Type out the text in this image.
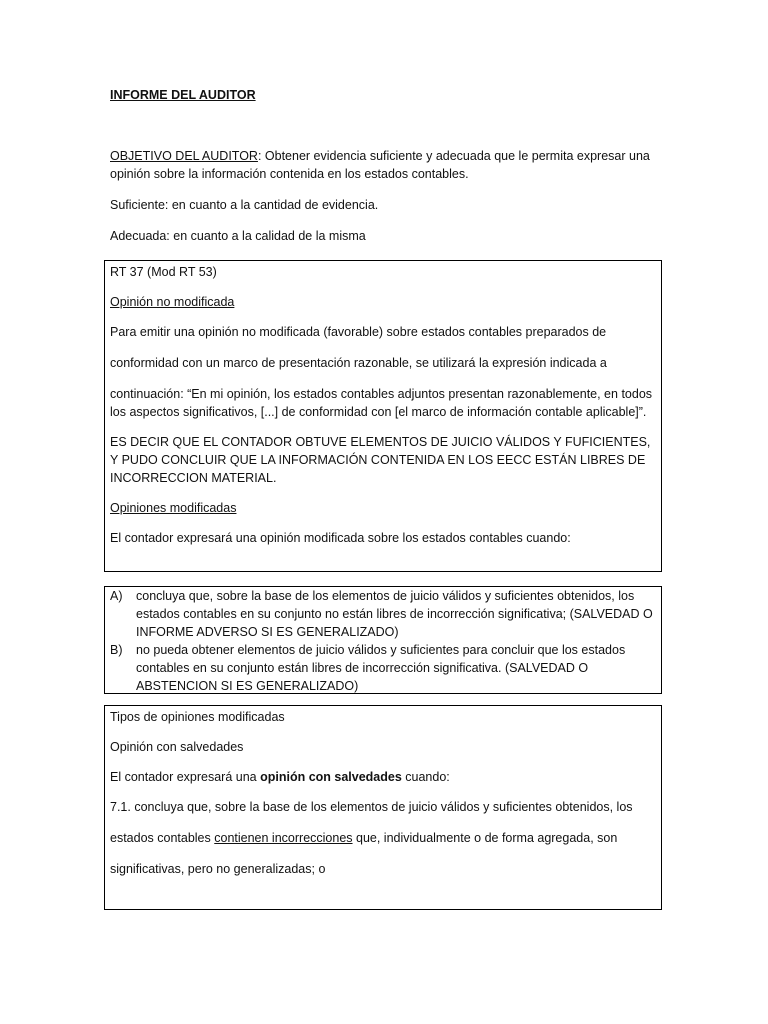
INFORME DEL AUDITOR

OBJETIVO DEL AUDITOR: Obtener evidencia suficiente y adecuada que le permita expresar una opinión sobre la información contenida en los estados contables.

Suficiente: en cuanto a la cantidad de evidencia.

Adecuada: en cuanto a la calidad de la misma

RT 37 (Mod RT 53)

Opinión no modificada

Para emitir una opinión no modificada (favorable) sobre estados contables preparados de

conformidad con un marco de presentación razonable, se utilizará la expresión indicada a

continuación: “En mi opinión, los estados contables adjuntos presentan razonablemente, en todos los aspectos significativos, [...] de conformidad con [el marco de información contable aplicable]”.

ES DECIR QUE EL CONTADOR OBTUVE ELEMENTOS DE JUICIO VÁLIDOS Y FUFICIENTES, Y PUDO CONCLUIR QUE LA INFORMACIÓN CONTENIDA EN LOS EECC ESTÁN LIBRES DE INCORRECCION MATERIAL.

Opiniones modificadas

El contador expresará una opinión modificada sobre los estados contables cuando:

A)	concluya que, sobre la base de los elementos de juicio válidos y suficientes obtenidos, los estados contables en su conjunto no están libres de incorrección significativa; (SALVEDAD O INFORME ADVERSO SI ES GENERALIZADO)
B)	no pueda obtener elementos de juicio válidos y suficientes para concluir que los estados contables en su conjunto están libres de incorrección significativa. (SALVEDAD O ABSTENCION SI ES GENERALIZADO)

Tipos de opiniones modificadas

Opinión con salvedades

El contador expresará una opinión con salvedades cuando:

7.1. concluya que, sobre la base de los elementos de juicio válidos y suficientes obtenidos, los

estados contables contienen incorrecciones que, individualmente o de forma agregada, son

significativas, pero no generalizadas; o
